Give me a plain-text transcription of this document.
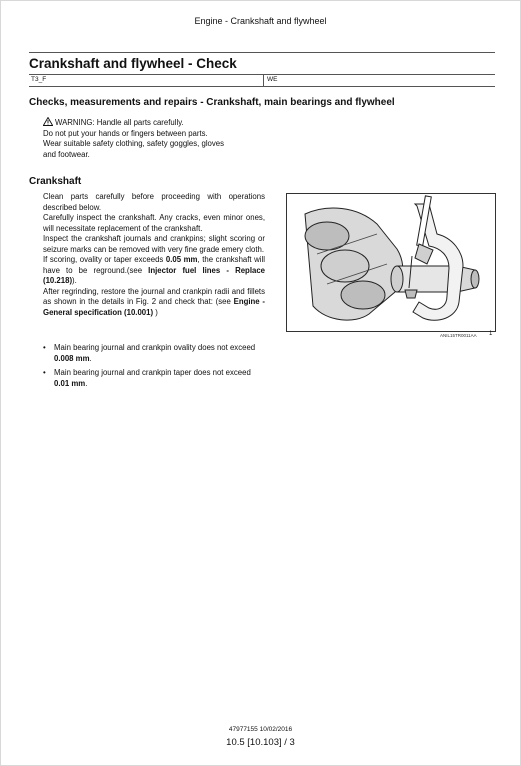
Engine - Crankshaft and flywheel
Crankshaft and flywheel - Check
T3_F	WE
Checks, measurements and repairs - Crankshaft, main bearings and flywheel
WARNING: Handle all parts carefully.
Do not put your hands or fingers between parts.
Wear suitable safety clothing, safety goggles, gloves
and footwear.
Crankshaft

Clean parts carefully before proceeding with operations described below.

Carefully inspect the crankshaft. Any cracks, even minor ones, will necessitate replacement of the crankshaft.

Inspect the crankshaft journals and crankpins; slight scoring or seizure marks can be removed with very fine grade emery cloth.

If scoring, ovality or taper exceeds 0.05 mm, the crankshaft will have to be reground.(see Injector fuel lines - Replace (10.218)).

After regrinding, restore the journal and crankpin radii and fillets as shown in the details in Fig. 2 and check that: (see Engine - General specification (10.001) )

• Main bearing journal and crankpin ovality does not exceed 0.008 mm.
• Main bearing journal and crankpin taper does not exceed 0.01 mm.
ANIL15TR0011AA 1
47977155 10/02/2016
10.5 [10.103] / 3
